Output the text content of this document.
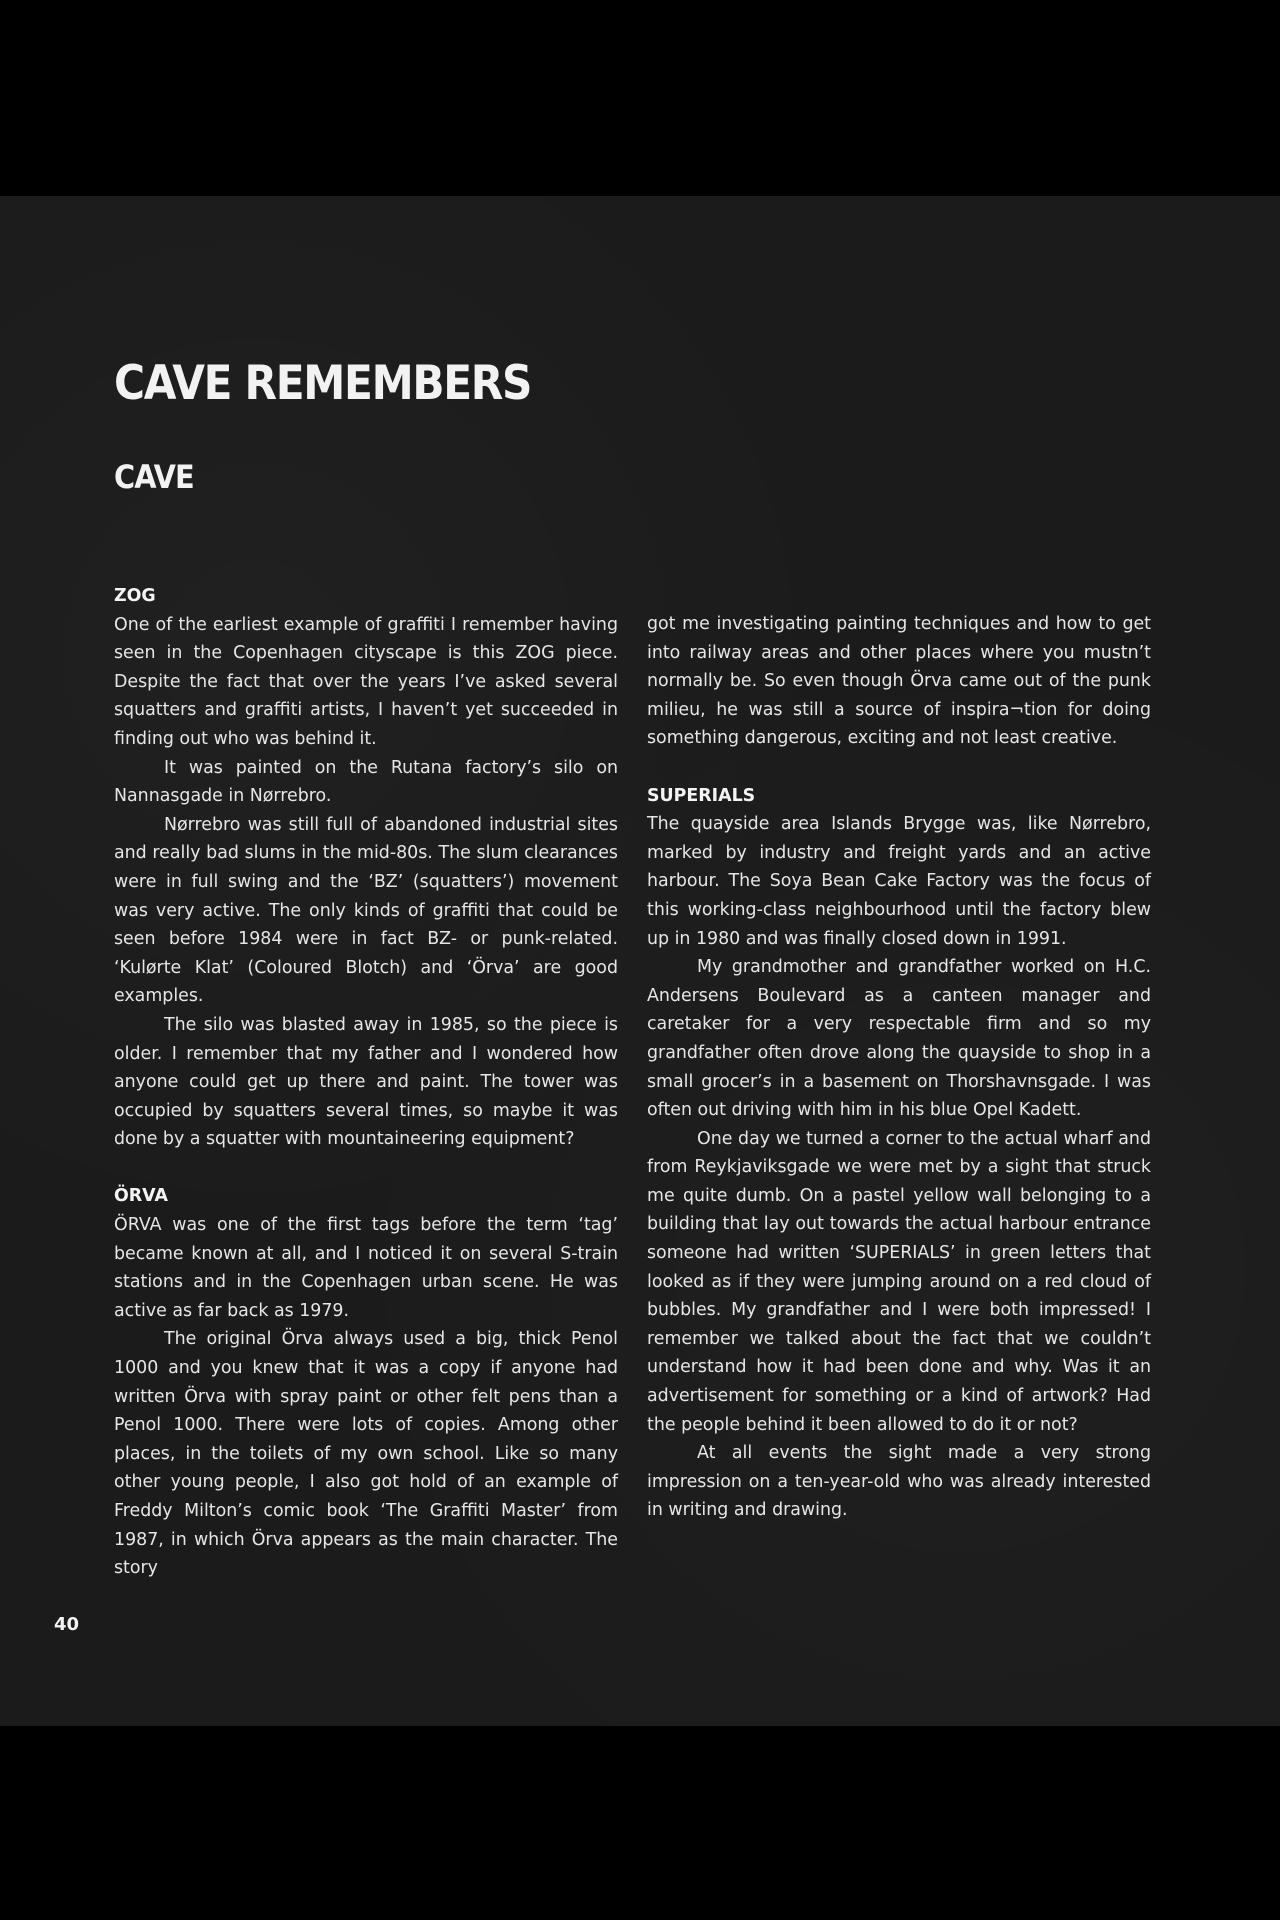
CAVE REMEMBERS
CAVE
ZOG

One of the earliest example of graffiti I remember having seen in the Copenhagen cityscape is this ZOG piece. Despite the fact that over the years I’ve asked several squatters and graffiti artists, I haven’t yet succeeded in finding out who was behind it.

It was painted on the Rutana factory’s silo on Nannasgade in Nørrebro.

Nørrebro was still full of abandoned industrial sites and really bad slums in the mid-80s. The slum clearances were in full swing and the ‘BZ’ (squatters’) movement was very active. The only kinds of graffiti that could be seen before 1984 were in fact BZ- or punk-related. ‘Kulørte Klat’ (Coloured Blotch) and ‘Örva’ are good examples.

The silo was blasted away in 1985, so the piece is older. I remember that my father and I wondered how anyone could get up there and paint. The tower was occupied by squatters several times, so maybe it was done by a squatter with mountaineering equipment?

ÖRVA

ÖRVA was one of the first tags before the term ‘tag’ became known at all, and I noticed it on several S-train stations and in the Copenhagen urban scene. He was active as far back as 1979.

The original Örva always used a big, thick Penol 1000 and you knew that it was a copy if anyone had written Örva with spray paint or other felt pens than a Penol 1000. There were lots of copies. Among other places, in the toilets of my own school. Like so many other young people, I also got hold of an example of Freddy Milton’s comic book ‘The Graffiti Master’ from 1987, in which Örva appears as the main character. The story

got me investigating painting techniques and how to get into railway areas and other places where you mustn’t normally be. So even though Örva came out of the punk milieu, he was still a source of inspira¬tion for doing something dangerous, exciting and not least creative.

SUPERIALS

The quayside area Islands Brygge was, like Nørrebro, marked by industry and freight yards and an active harbour. The Soya Bean Cake Factory was the focus of this working-class neighbourhood until the factory blew up in 1980 and was finally closed down in 1991.

My grandmother and grandfather worked on H.C. Andersens Boulevard as a canteen manager and caretaker for a very respectable firm and so my grandfather often drove along the quayside to shop in a small grocer’s in a basement on Thorshavnsgade. I was often out driving with him in his blue Opel Kadett.

One day we turned a corner to the actual wharf and from Reykjaviksgade we were met by a sight that struck me quite dumb. On a pastel yellow wall belonging to a building that lay out towards the actual harbour entrance someone had written ‘SUPERIALS’ in green letters that looked as if they were jumping around on a red cloud of bubbles. My grandfather and I were both impressed! I remember we talked about the fact that we couldn’t understand how it had been done and why. Was it an advertisement for something or a kind of artwork? Had the people behind it been allowed to do it or not?

At all events the sight made a very strong impression on a ten-year-old who was already interested in writing and drawing.

40
